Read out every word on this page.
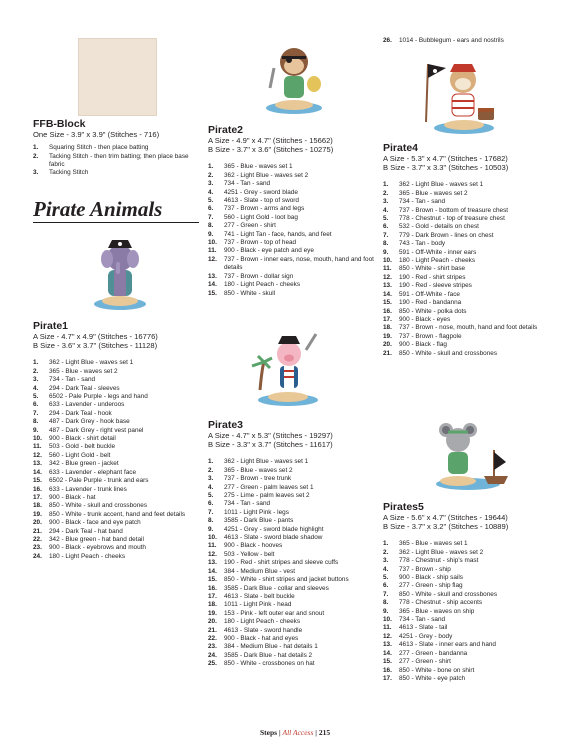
FFB-Block

One Size - 3.9" x 3.9" (Stitches - 716)

1.	Squaring Stitch - then place batting
2.	Tacking Stitch - then trim batting; then place base fabric
3.	Tacking Stitch
Pirate Animals
Pirate1

A Size - 4.7" x 4.9" (Stitches - 16776)

B Size - 3.6" x 3.7" (Stitches - 11128)

1.	362 - Light Blue - waves set 1
2.	365 - Blue - waves set 2
3.	734 - Tan - sand
4.	294 - Dark Teal - sleeves
5.	6502 - Pale Purple - legs and hand
6.	633 - Lavender - underoos
7.	294 - Dark Teal - hook
8.	487 - Dark Grey - hook base
9.	487 - Dark Grey - right vest panel
10.	900 - Black - shirt detail
11.	503 - Gold - belt buckle
12.	560 - Light Gold - belt
13.	342 - Blue green - jacket
14.	633 - Lavender - elephant face
15.	6502 - Pale Purple - trunk and ears
16.	633 - Lavender - trunk lines
17.	900 - Black - hat
18.	850 - White - skull and crossbones
19.	850 - White - trunk accent, hand and feet details
20.	900 - Black - face and eye patch
21.	294 - Dark Teal - hat band
22.	342 - Blue green - hat band detail
23.	900 - Black - eyebrows and mouth
24.	180 - Light Peach - cheeks
Pirate2

A Size - 4.9" x 4.7" (Stitches - 15662)

B Size - 3.7" x 3.6" (Stitches - 10275)

1.	365 - Blue - waves set 1
2.	362 - Light Blue - waves set 2
3.	734 - Tan - sand
4.	4251 - Grey - sword blade
5.	4613 - Slate - top of sword
6.	737 - Brown - arms and legs
7.	560 - Light Gold - loot bag
8.	277 - Green - shirt
9.	741 - Light Tan - face, hands, and feet
10.	737 - Brown - top of head
11.	900 - Black - eye patch and eye
12.	737 - Brown - inner ears, nose, mouth, hand and foot details
13.	737 - Brown - dollar sign
14.	180 - Light Peach - cheeks
15.	850 - White - skull
Pirate3

A Size - 4.7" x 5.3" (Stitches - 19297)

B Size - 3.3" x 3.7" (Stitches - 11617)

1.	362 - Light Blue - waves set 1
2.	365 - Blue - waves set 2
3.	737 - Brown - tree trunk
4.	277 - Green - palm leaves set 1
5.	275 - Lime - palm leaves set 2
6.	734 - Tan - sand
7.	1011 - Light Pink - legs
8.	3585 - Dark Blue - pants
9.	4251 - Grey - sword blade highlight
10.	4613 - Slate - sword blade shadow
11.	900 - Black - hooves
12.	503 - Yellow - belt
13.	190 - Red - shirt stripes and sleeve cuffs
14.	384 - Medium Blue - vest
15.	850 - White - shirt stripes and jacket buttons
16.	3585 - Dark Blue - collar and sleeves
17.	4613 - Slate - belt buckle
18.	1011 - Light Pink - head
19.	153 - Pink - left outer ear and snout
20.	180 - Light Peach - cheeks
21.	4613 - Slate - sword handle
22.	900 - Black - hat and eyes
23.	384 - Medium Blue - hat details 1
24.	3585 - Dark Blue - hat details 2
25.	850 - White - crossbones on hat
26.	1014 - Bubblegum - ears and nostrils
Pirate4

A Size - 5.3" x 4.7" (Stitches - 17682)

B Size - 3.7" x 3.3" (Stitches - 10503)

1.	362 - Light Blue - waves set 1
2.	365 - Blue - waves set 2
3.	734 - Tan - sand
4.	737 - Brown - bottom of treasure chest
5.	778 - Chestnut - top of treasure chest
6.	532 - Gold - details on chest
7.	779 - Dark Brown - lines on chest
8.	743 - Tan - body
9.	591 - Off-White - inner ears
10.	180 - Light Peach - cheeks
11.	850 - White - shirt base
12.	190 - Red - shirt stripes
13.	190 - Red - sleeve stripes
14.	591 - Off-White - face
15.	190 - Red - bandanna
16.	850 - White - polka dots
17.	900 - Black - eyes
18.	737 - Brown - nose, mouth, hand and foot details
19.	737 - Brown - flagpole
20.	900 - Black - flag
21.	850 - White - skull and crossbones
Pirates5

A Size - 5.6" x 4.7" (Stitches - 19644)

B Size - 3.7" x 3.2" (Stitches - 10889)

1.	365 - Blue - waves set 1
2.	362 - Light Blue - waves set 2
3.	778 - Chestnut - ship's mast
4.	737 - Brown - ship
5.	900 - Black - ship sails
6.	277 - Green - ship flag
7.	850 - White - skull and crossbones
8.	778 - Chestnut - ship accents
9.	365 - Blue - waves on ship
10.	734 - Tan - sand
11.	4613 - Slate - tail
12.	4251 - Grey - body
13.	4613 - Slate - inner ears and hand
14.	277 - Green - bandanna
15.	277 - Green - shirt
16.	850 - White - bone on shirt
17.	850 - White - eye patch
Steps | All Access | 215
